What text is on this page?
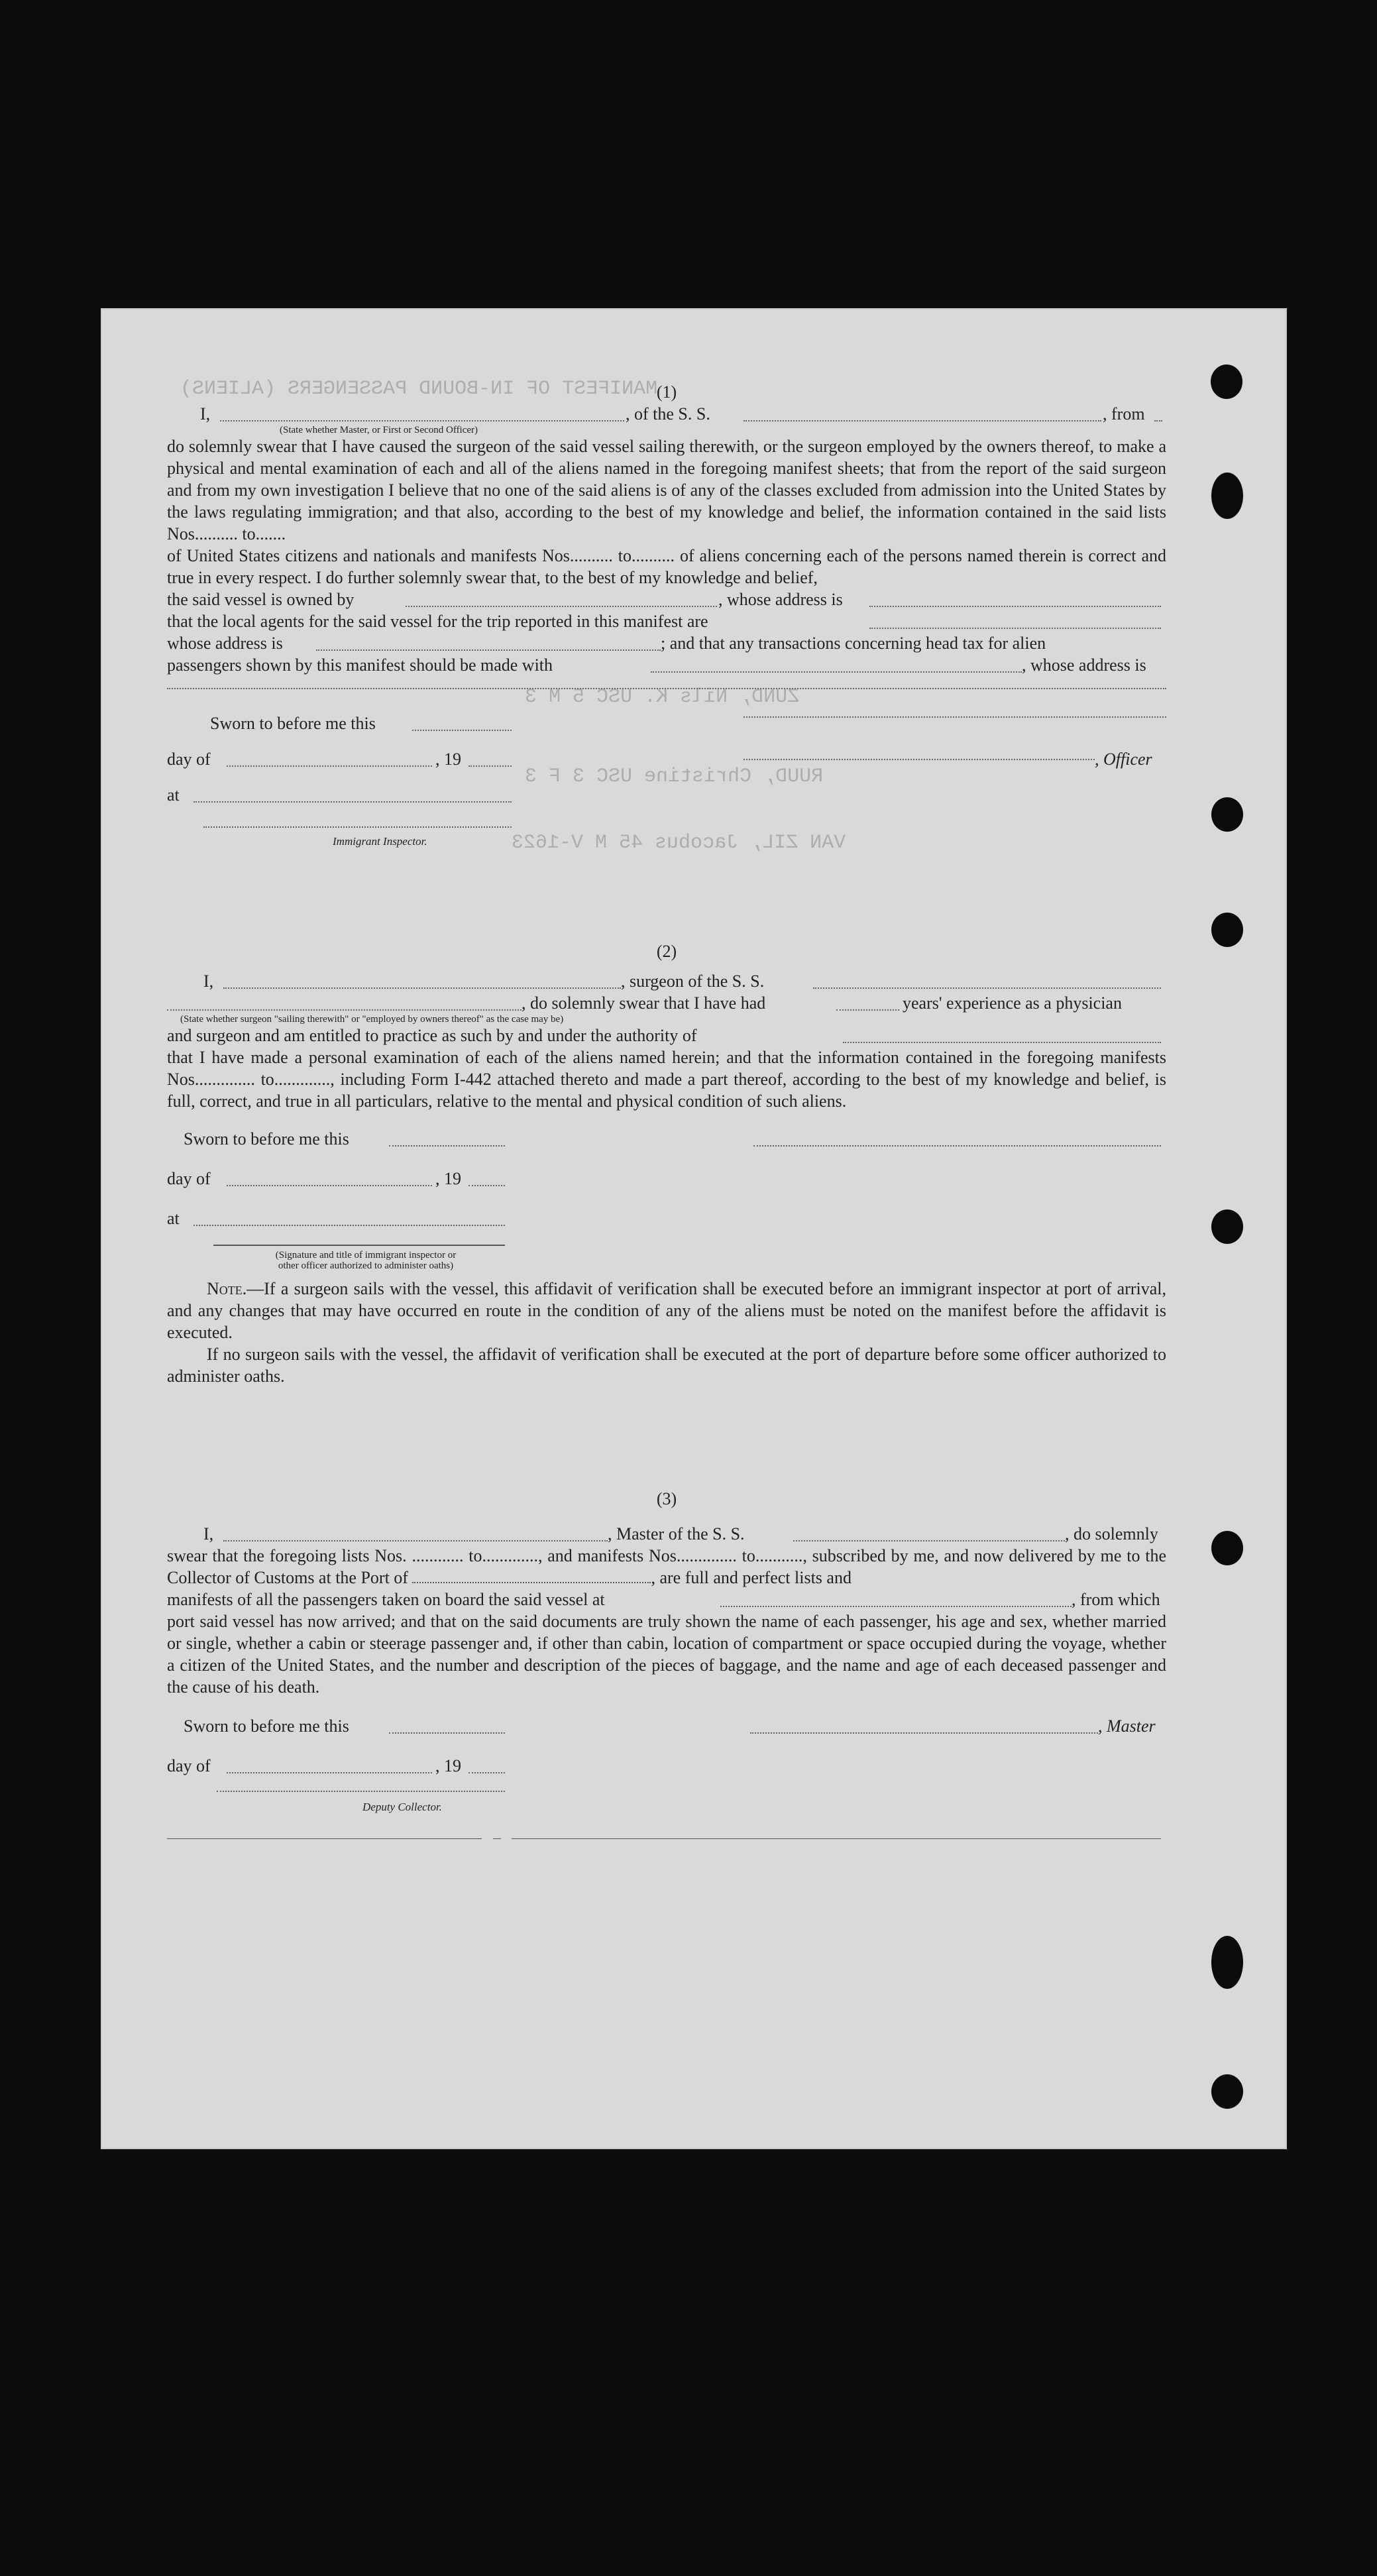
ZUND, Nils K. USC 5 M 3
RUUD, Christine USC 3 F 3
VAN ZIL, Jacobus 45 M V-1623
MANIFEST OF IN-BOUND PASSENGERS (ALIENS)
(1)
I,	, of the S. S.	, from
(State whether Master, or First or Second Officer)

do solemnly swear that I have caused the surgeon of the said vessel sailing therewith, or the surgeon employed by the owners thereof, to make a physical and mental examination of each and all of the aliens named in the foregoing manifest sheets; that from the report of the said surgeon and from my own investigation I believe that no one of the said aliens is of any of the classes excluded from admission into the United States by the laws regulating immigration; and that also, according to the best of my knowledge and belief, the information contained in the said lists Nos.......... to.......

of United States citizens and nationals and manifests Nos.......... to.......... of aliens concerning each of the persons named therein is correct and true in every respect. I do further solemnly swear that, to the best of my knowledge and belief,

the said vessel is owned by	, whose address is
that the local agents for the said vessel for the trip reported in this manifest are
whose address is	; and that any transactions concerning head tax for alien
passengers shown by this manifest should be made with	, whose address is
Sworn to before me this
day of	, 19	, Officer
at
Immigrant Inspector.
(2)
I,	, surgeon of the S. S.
, do solemnly swear that I have had	years' experience as a physician
(State whether surgeon "sailing therewith" or "employed by owners thereof" as the case may be)
and surgeon and am entitled to practice as such by and under the authority of

that I have made a personal examination of each of the aliens named herein; and that the information contained in the foregoing manifests Nos.............. to............., including Form I-442 attached thereto and made a part thereof, according to the best of my knowledge and belief, is full, correct, and true in all particulars, relative to the mental and physical condition of such aliens.

Sworn to before me this
day of	, 19
at
(Signature and title of immigrant inspector or
other officer authorized to administer oaths)

Note.—If a surgeon sails with the vessel, this affidavit of verification shall be executed before an immigrant inspector at port of arrival, and any changes that may have occurred en route in the condition of any of the aliens must be noted on the manifest before the affidavit is executed.

If no surgeon sails with the vessel, the affidavit of verification shall be executed at the port of departure before some officer authorized to administer oaths.

(3)
I,	, Master of the S. S.	, do solemnly

swear that the foregoing lists Nos. ............ to............., and manifests Nos.............. to..........., subscribed by me, and now delivered by me to the Collector of Customs at the Port of	, are full and perfect lists and

manifests of all the passengers taken on board the said vessel at	, from which

port said vessel has now arrived; and that on the said documents are truly shown the name of each passenger, his age and sex, whether married or single, whether a cabin or steerage passenger and, if other than cabin, location of compartment or space occupied during the voyage, whether a citizen of the United States, and the number and description of the pieces of baggage, and the name and age of each deceased passenger and the cause of his death.

Sworn to before me this	, Master
day of	, 19
Deputy Collector.
